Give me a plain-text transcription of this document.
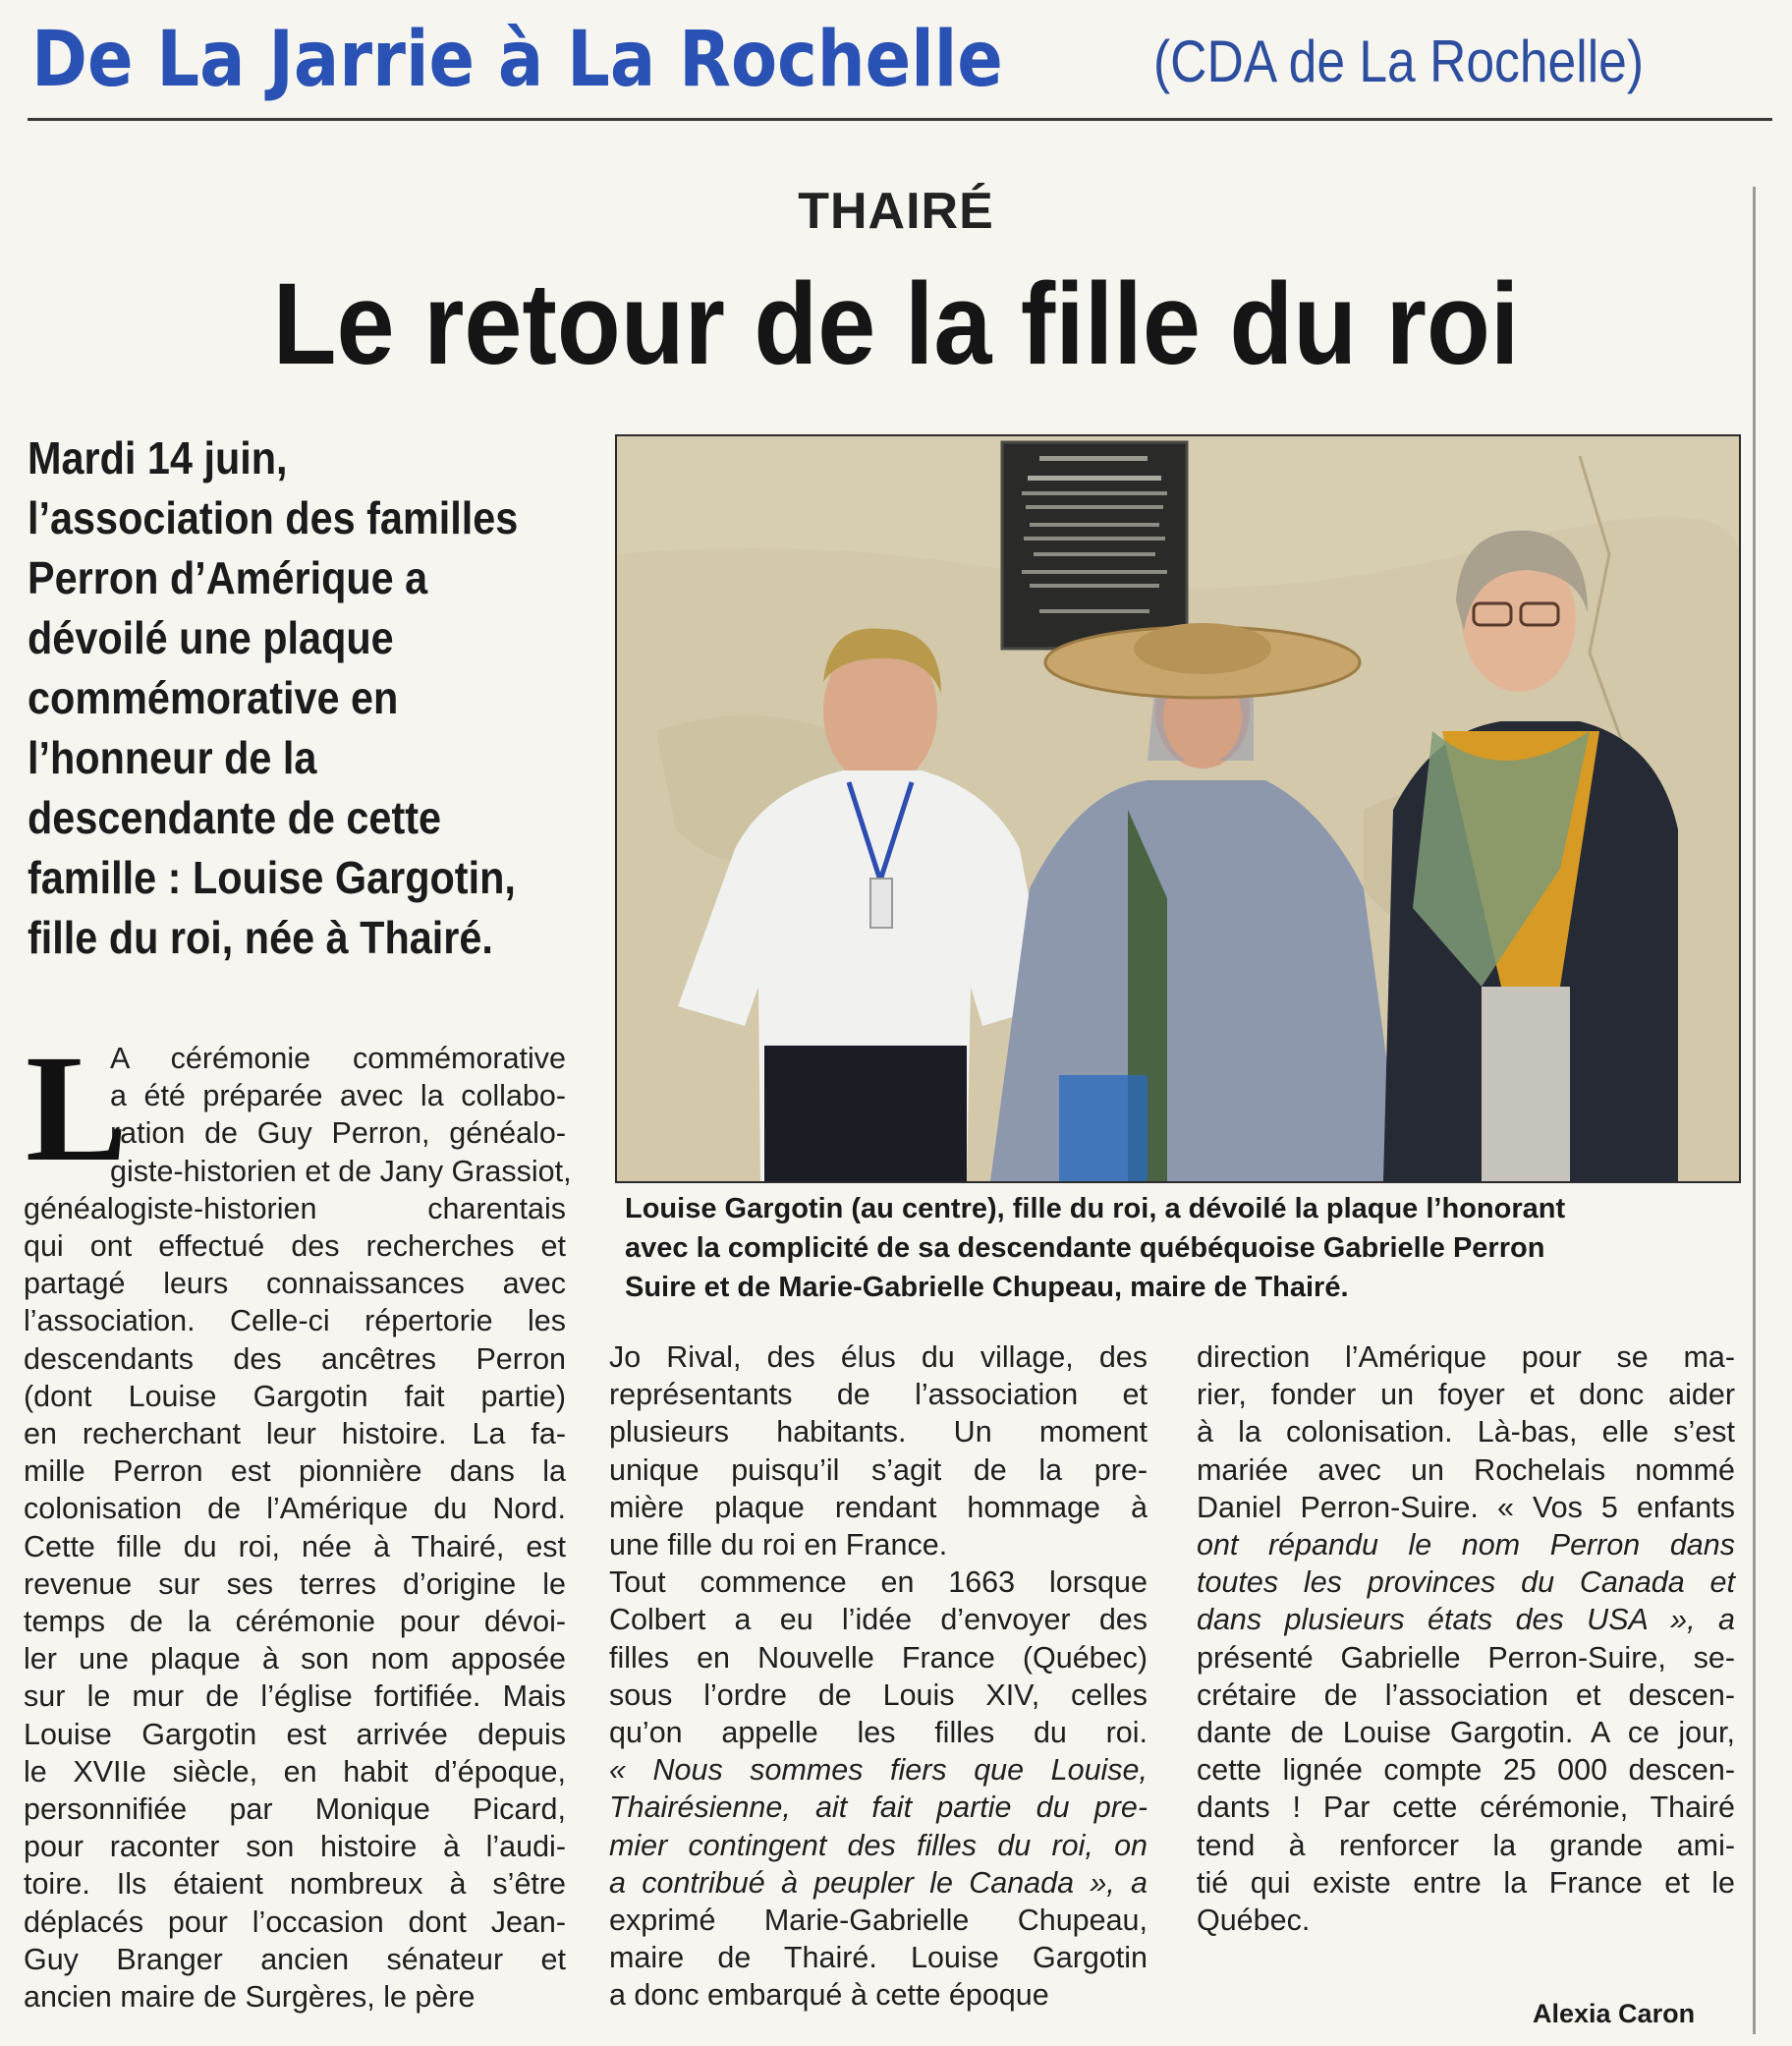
De La Jarrie à La Rochelle	(CDA de La Rochelle)
THAIRÉ
Le retour de la fille du roi
Mardi 14 juin,
l’association des familles
Perron d’Amérique a
dévoilé une plaque
commémorative en
l’honneur de la
descendante de cette
famille : Louise Gargotin,
fille du roi, née à Thairé.
Louise Gargotin (au centre), fille du roi, a dévoilé la plaque l’honorant
avec la complicité de sa descendante québéquoise Gabrielle Perron
Suire et de Marie-Gabrielle Chupeau, maire de Thairé.
L
A cérémonie commémorative
a été préparée avec la collabo-
ration de Guy Perron, généalo-
giste-historien et de Jany Grassiot,
généalogiste-historien charentais
qui ont effectué des recherches et
partagé leurs connaissances avec
l’association. Celle-ci répertorie les
descendants des ancêtres Perron
(dont Louise Gargotin fait partie)
en recherchant leur histoire. La fa-
mille Perron est pionnière dans la
colonisation de l’Amérique du Nord.
Cette fille du roi, née à Thairé, est
revenue sur ses terres d’origine le
temps de la cérémonie pour dévoi-
ler une plaque à son nom apposée
sur le mur de l’église fortifiée. Mais
Louise Gargotin est arrivée depuis
le XVIIe siècle, en habit d’époque,
personnifiée par Monique Picard,
pour raconter son histoire à l’audi-
toire. Ils étaient nombreux à s’être
déplacés pour l’occasion dont Jean-
Guy Branger ancien sénateur et
ancien maire de Surgères, le père
Jo Rival, des élus du village, des
représentants de l’association et
plusieurs habitants. Un moment
unique puisqu’il s’agit de la pre-
mière plaque rendant hommage à
une fille du roi en France.
Tout commence en 1663 lorsque
Colbert a eu l’idée d’envoyer des
filles en Nouvelle France (Québec)
sous l’ordre de Louis XIV, celles
qu’on appelle les filles du roi.
« Nous sommes fiers que Louise,
Thairésienne, ait fait partie du pre-
mier contingent des filles du roi, on
a contribué à peupler le Canada », a
exprimé Marie-Gabrielle Chupeau,
maire de Thairé. Louise Gargotin
a donc embarqué à cette époque
direction l’Amérique pour se ma-
rier, fonder un foyer et donc aider
à la colonisation. Là-bas, elle s’est
mariée avec un Rochelais nommé
Daniel Perron-Suire. « Vos 5 enfants
ont répandu le nom Perron dans
toutes les provinces du Canada et
dans plusieurs états des USA », a
présenté Gabrielle Perron-Suire, se-
crétaire de l’association et descen-
dante de Louise Gargotin. A ce jour,
cette lignée compte 25 000 descen-
dants ! Par cette cérémonie, Thairé
tend à renforcer la grande ami-
tié qui existe entre la France et le
Québec.
Alexia Caron
